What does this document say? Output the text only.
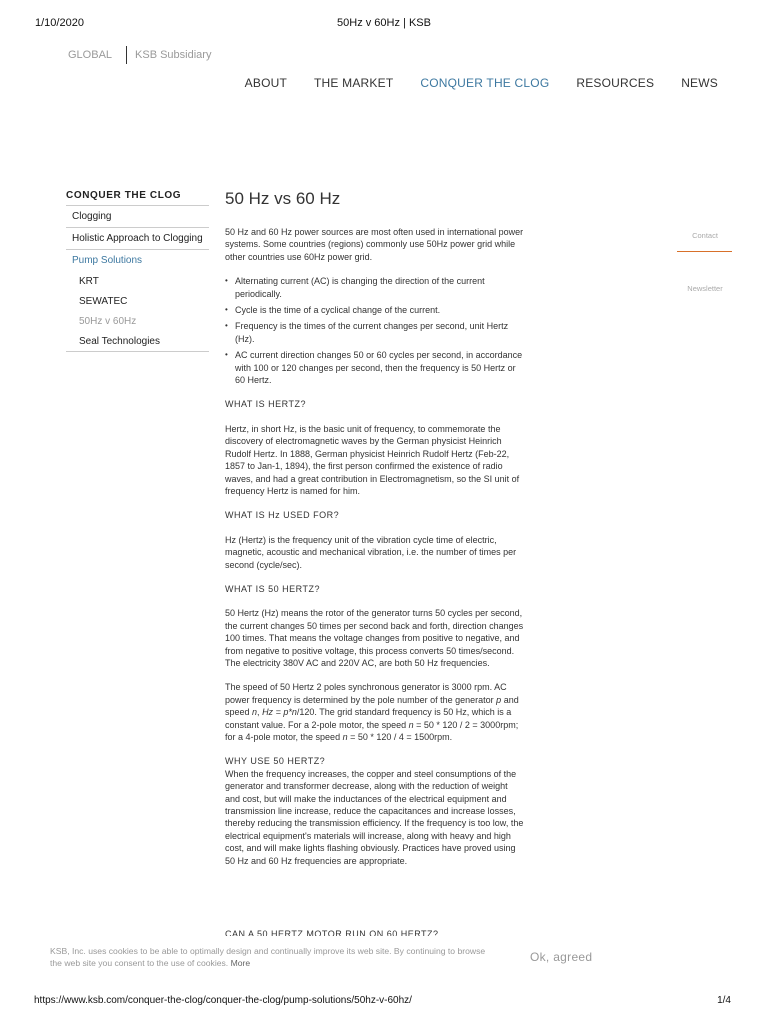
1/10/2020	50Hz v 60Hz | KSB
GLOBAL KSB Subsidiary
ABOUT THE MARKET CONQUER THE CLOG RESOURCES NEWS
CONQUER THE CLOG
Clogging
Holistic Approach to Clogging
Pump Solutions
KRT
SEWATEC
50Hz v 60Hz
Seal Technologies
50 Hz vs 60 Hz

50 Hz and 60 Hz power sources are most often used in international power systems. Some countries (regions) commonly use 50Hz power grid while other countries use 60Hz power grid.

• Alternating current (AC) is changing the direction of the current periodically.
• Cycle is the time of a cyclical change of the current.
• Frequency is the times of the current changes per second, unit Hertz (Hz).
• AC current direction changes 50 or 60 cycles per second, in accordance with 100 or 120 changes per second, then the frequency is 50 Hertz or 60 Hertz.

WHAT IS HERTZ?

Hertz, in short Hz, is the basic unit of frequency, to commemorate the discovery of electromagnetic waves by the German physicist Heinrich Rudolf Hertz. In 1888, German physicist Heinrich Rudolf Hertz (Feb-22, 1857 to Jan-1, 1894), the first person confirmed the existence of radio waves, and had a great contribution in Electromagnetism, so the SI unit of frequency Hertz is named for him.

WHAT IS Hz USED FOR?

Hz (Hertz) is the frequency unit of the vibration cycle time of electric, magnetic, acoustic and mechanical vibration, i.e. the number of times per second (cycle/sec).

WHAT IS 50 HERTZ?

50 Hertz (Hz) means the rotor of the generator turns 50 cycles per second, the current changes 50 times per second back and forth, direction changes 100 times. That means the voltage changes from positive to negative, and from negative to positive voltage, this process converts 50 times/second. The electricity 380V AC and 220V AC, are both 50 Hz frequencies.

The speed of 50 Hertz 2 poles synchronous generator is 3000 rpm. AC power frequency is determined by the pole number of the generator p and speed n, Hz = p*n/120. The grid standard frequency is 50 Hz, which is a constant value. For a 2-pole motor, the speed n = 50 * 120 / 2 = 3000rpm; for a 4-pole motor, the speed n = 50 * 120 / 4 = 1500rpm.

WHY USE 50 HERTZ?

When the frequency increases, the copper and steel consumptions of the generator and transformer decrease, along with the reduction of weight and cost, but will make the inductances of the electrical equipment and transmission line increase, reduce the capacitances and increase losses, thereby reducing the transmission efficiency. If the frequency is too low, the electrical equipment's materials will increase, along with heavy and high cost, and will make lights flashing obviously. Practices have proved using 50 Hz and 60 Hz frequencies are appropriate.

CAN A 50 HERTZ MOTOR RUN ON 60 HERTZ?
Contact
Newsletter
KSB, Inc. uses cookies to be able to optimally design and continually improve its web site. By continuing to browse the web site you consent to the use of cookies. More	Ok, agreed
https://www.ksb.com/conquer-the-clog/conquer-the-clog/pump-solutions/50hz-v-60hz/	1/4
